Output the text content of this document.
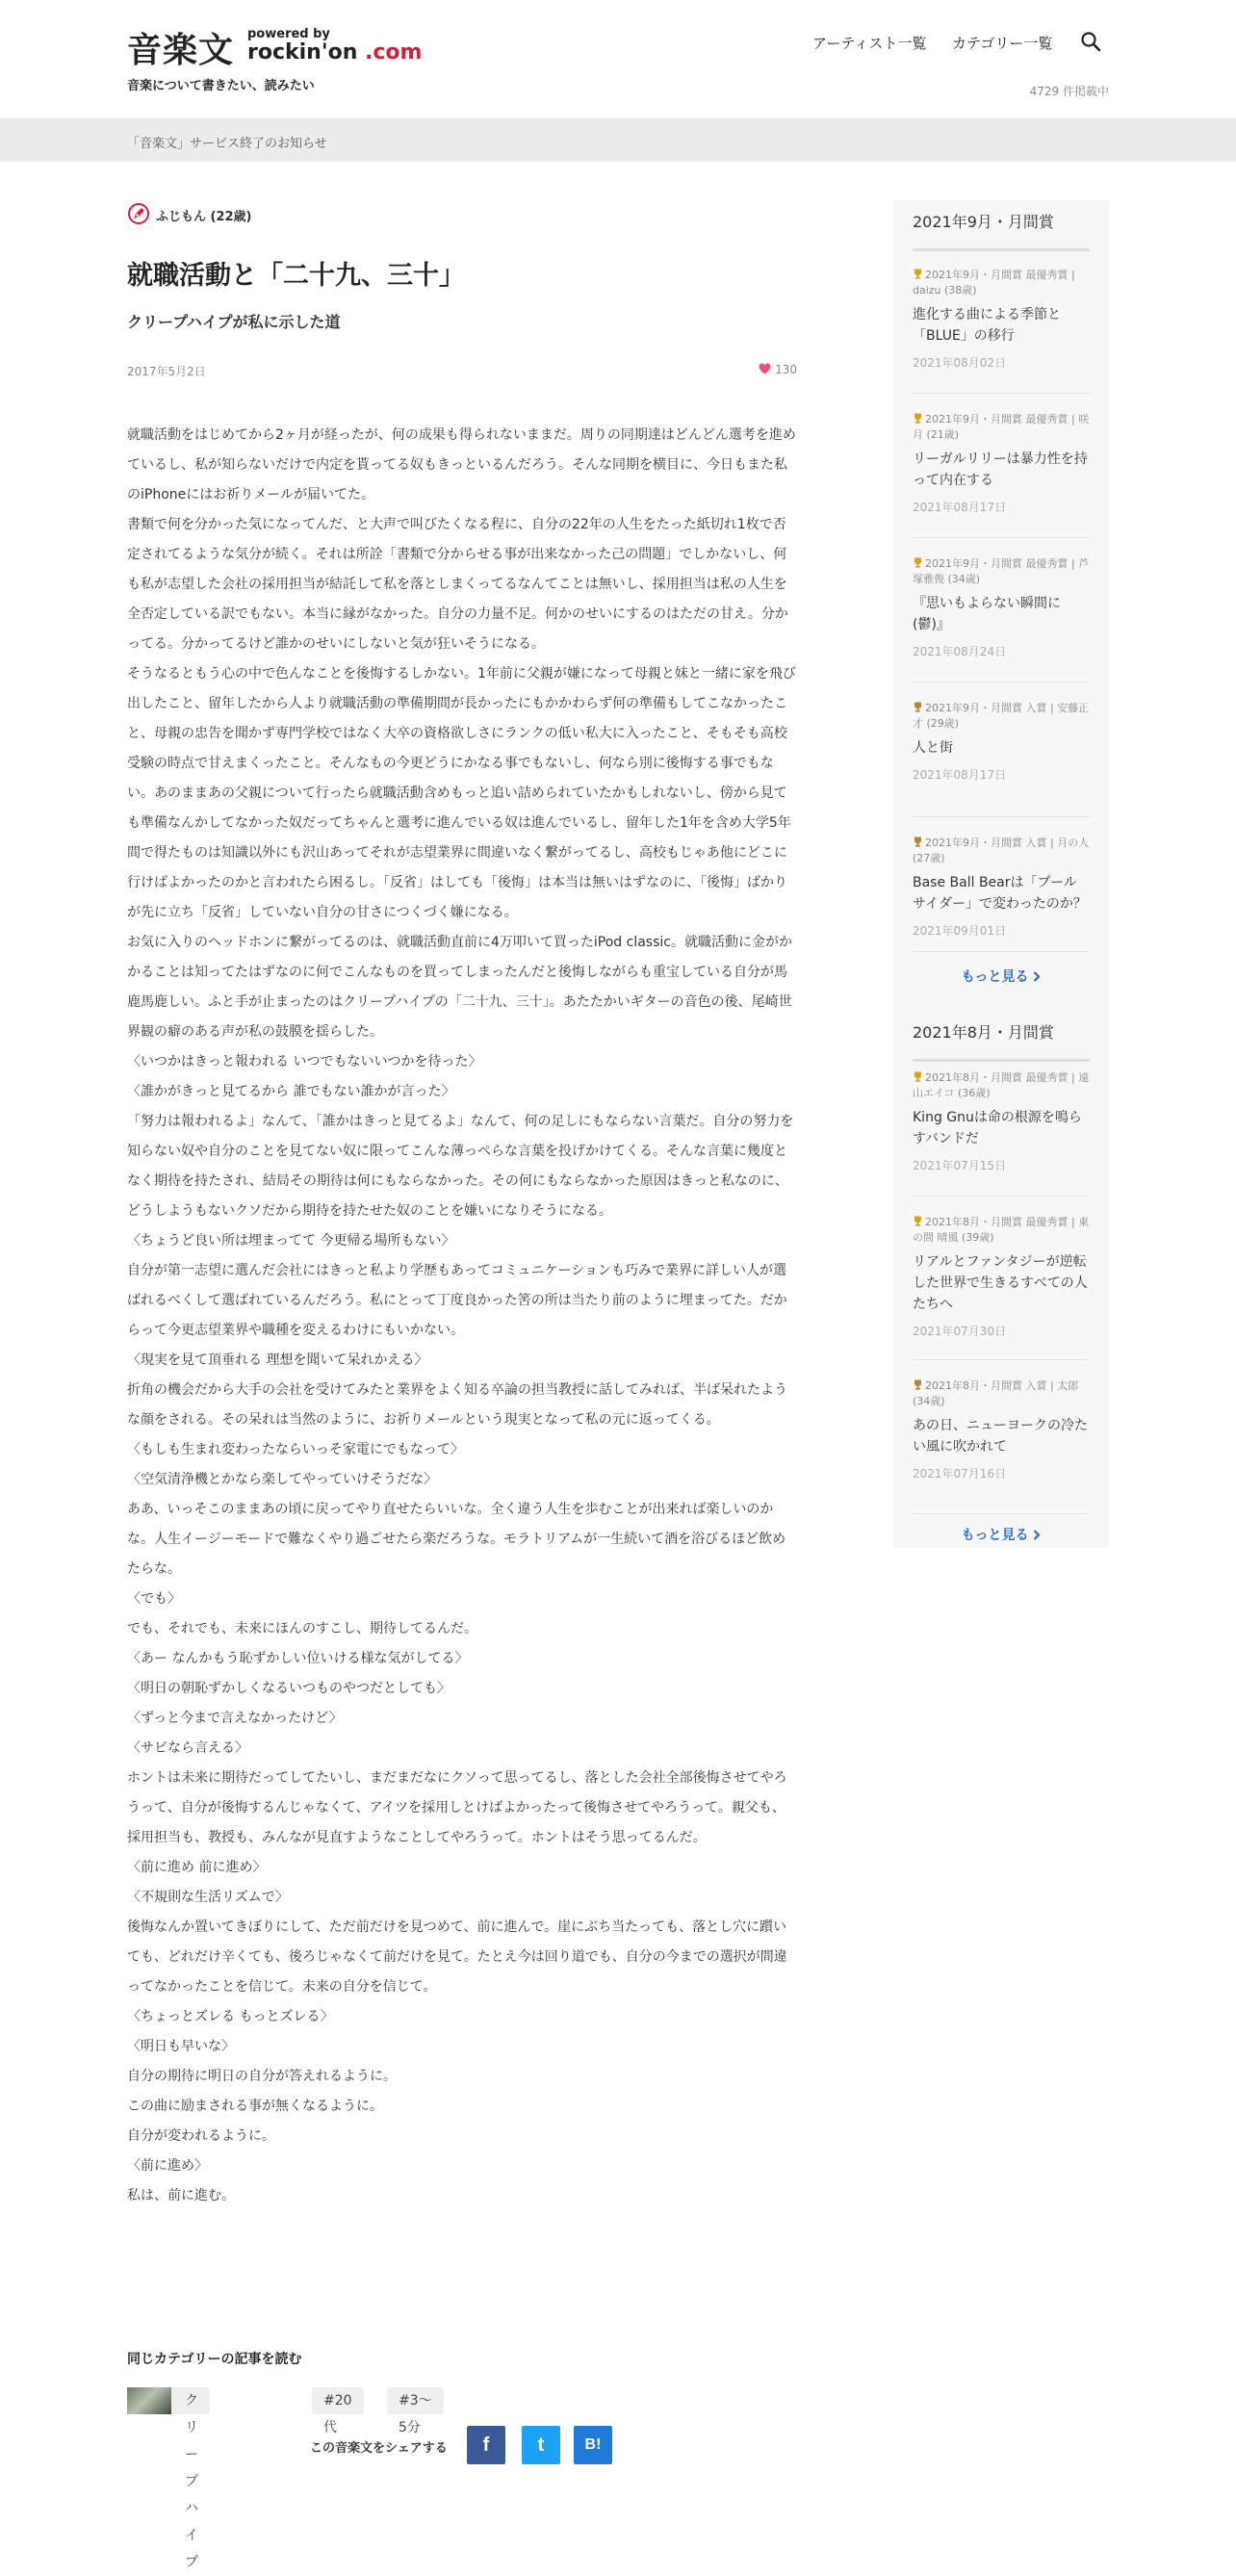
音楽文 powered by
rockin'on .com
音楽について書きたい、読みたい
アーティスト一覧 カテゴリー一覧
4729 件掲載中
「音楽文」サービス終了のお知らせ
ふじもん (22歳)
就職活動と「二十九、三十」
クリープハイプが私に示した道
2017年5月2日	130

就職活動をはじめてから2ヶ月が経ったが、何の成果も得られないままだ。周りの同期達はどんどん選考を進めているし、私が知らないだけで内定を貰ってる奴もきっといるんだろう。そんな同期を横目に、今日もまた私のiPhoneにはお祈りメールが届いてた。

書類で何を分かった気になってんだ、と大声で叫びたくなる程に、自分の22年の人生をたった紙切れ1枚で否定されてるような気分が続く。それは所詮「書類で分からせる事が出来なかった己の問題」でしかないし、何も私が志望した会社の採用担当が結託して私を落としまくってるなんてことは無いし、採用担当は私の人生を全否定している訳でもない。本当に縁がなかった。自分の力量不足。何かのせいにするのはただの甘え。分かってる。分かってるけど誰かのせいにしないと気が狂いそうになる。

そうなるともう心の中で色んなことを後悔するしかない。1年前に父親が嫌になって母親と妹と一緒に家を飛び出したこと、留年したから人より就職活動の準備期間が長かったにもかかわらず何の準備もしてこなかったこと、母親の忠告を聞かず専門学校ではなく大卒の資格欲しさにランクの低い私大に入ったこと、そもそも高校受験の時点で甘えまくったこと。そんなもの今更どうにかなる事でもないし、何なら別に後悔する事でもない。あのままあの父親について行ったら就職活動含めもっと追い詰められていたかもしれないし、傍から見ても準備なんかしてなかった奴だってちゃんと選考に進んでいる奴は進んでいるし、留年した1年を含め大学5年間で得たものは知識以外にも沢山あってそれが志望業界に間違いなく繋がってるし、高校もじゃあ他にどこに行けばよかったのかと言われたら困るし。「反省」はしても「後悔」は本当は無いはずなのに、「後悔」ばかりが先に立ち「反省」していない自分の甘さにつくづく嫌になる。

お気に入りのヘッドホンに繋がってるのは、就職活動直前に4万叩いて買ったiPod classic。就職活動に金がかかることは知ってたはずなのに何でこんなものを買ってしまったんだと後悔しながらも重宝している自分が馬鹿馬鹿しい。ふと手が止まったのはクリープハイプの「二十九、三十」。あたたかいギターの音色の後、尾崎世界観の癖のある声が私の鼓膜を揺らした。

〈いつかはきっと報われる いつでもないいつかを待った〉

〈誰かがきっと見てるから 誰でもない誰かが言った〉

「努力は報われるよ」なんて、「誰かはきっと見てるよ」なんて、何の足しにもならない言葉だ。自分の努力を知らない奴や自分のことを見てない奴に限ってこんな薄っぺらな言葉を投げかけてくる。そんな言葉に幾度となく期待を持たされ、結局その期待は何にもならなかった。その何にもならなかった原因はきっと私なのに、どうしようもないクソだから期待を持たせた奴のことを嫌いになりそうになる。

〈ちょうど良い所は埋まってて 今更帰る場所もない〉

自分が第一志望に選んだ会社にはきっと私より学歴もあってコミュニケーションも巧みで業界に詳しい人が選ばれるべくして選ばれているんだろう。私にとって丁度良かった筈の所は当たり前のように埋まってた。だからって今更志望業界や職種を変えるわけにもいかない。

〈現実を見て頂垂れる 理想を聞いて呆れかえる〉

折角の機会だから大手の会社を受けてみたと業界をよく知る卒論の担当教授に話してみれば、半ば呆れたような顔をされる。その呆れは当然のように、お祈りメールという現実となって私の元に返ってくる。

〈もしも生まれ変わったならいっそ家電にでもなって〉

〈空気清浄機とかなら楽してやっていけそうだな〉

ああ、いっそこのままあの頃に戻ってやり直せたらいいな。全く違う人生を歩むことが出来れば楽しいのかな。人生イージーモードで難なくやり過ごせたら楽だろうな。モラトリアムが一生続いて酒を浴びるほど飲めたらな。

〈でも〉

でも、それでも、未来にほんのすこし、期待してるんだ。

〈あー なんかもう恥ずかしい位いける様な気がしてる〉

〈明日の朝恥ずかしくなるいつものやつだとしても〉

〈ずっと今まで言えなかったけど〉

〈サビなら言える〉

ホントは未来に期待だってしてたいし、まだまだなにクソって思ってるし、落とした会社全部後悔させてやろうって、自分が後悔するんじゃなくて、アイツを採用しとけばよかったって後悔させてやろうって。親父も、採用担当も、教授も、みんなが見直すようなことしてやろうって。ホントはそう思ってるんだ。

〈前に進め 前に進め〉

〈不規則な生活リズムで〉

後悔なんか置いてきぼりにして、ただ前だけを見つめて、前に進んで。崖にぶち当たっても、落とし穴に躓いても、どれだけ辛くても、後ろじゃなくて前だけを見て。たとえ今は回り道でも、自分の今までの選択が間違ってなかったことを信じて。未来の自分を信じて。

〈ちょっとズレる もっとズレる〉

〈明日も早いな〉

自分の期待に明日の自分が答えれるように。

この曲に励まされる事が無くなるように。

自分が変われるように。

〈前に進め〉

私は、前に進む。

同じカテゴリーの記事を読む
クリープハイプ
#20代
#3〜5分
この音楽文をシェアする	f	t	B!
2021年9月・月間賞
2021年9月・月間賞 最優秀賞 | daizu (38歳)
進化する曲による季節と「BLUE」の移行
2021年08月02日
2021年9月・月間賞 最優秀賞 | 咲月 (21歳)
リーガルリリーは暴力性を持って内在する
2021年08月17日
2021年9月・月間賞 最優秀賞 | 芦塚雅俊 (34歳)
『思いもよらない瞬間に(鬱)』
2021年08月24日
2021年9月・月間賞 入賞 | 安藤正才 (29歳)
人と街
2021年08月17日
2021年9月・月間賞 入賞 | 月の人 (27歳)
Base Ball Bearは「ブールサイダー」で変わったのか？
2021年09月01日
もっと見る
2021年8月・月間賞
2021年8月・月間賞 最優秀賞 | 遠山エイコ (36歳)
King Gnuは命の根源を鳴らすバンドだ
2021年07月15日
2021年8月・月間賞 最優秀賞 | 東の間 晴風 (39歳)
リアルとファンタジーが逆転した世界で生きるすべての人たちへ
2021年07月30日
2021年8月・月間賞 入賞 | 太郎 (34歳)
あの日、ニューヨークの冷たい風に吹かれて
2021年07月16日
もっと見る
